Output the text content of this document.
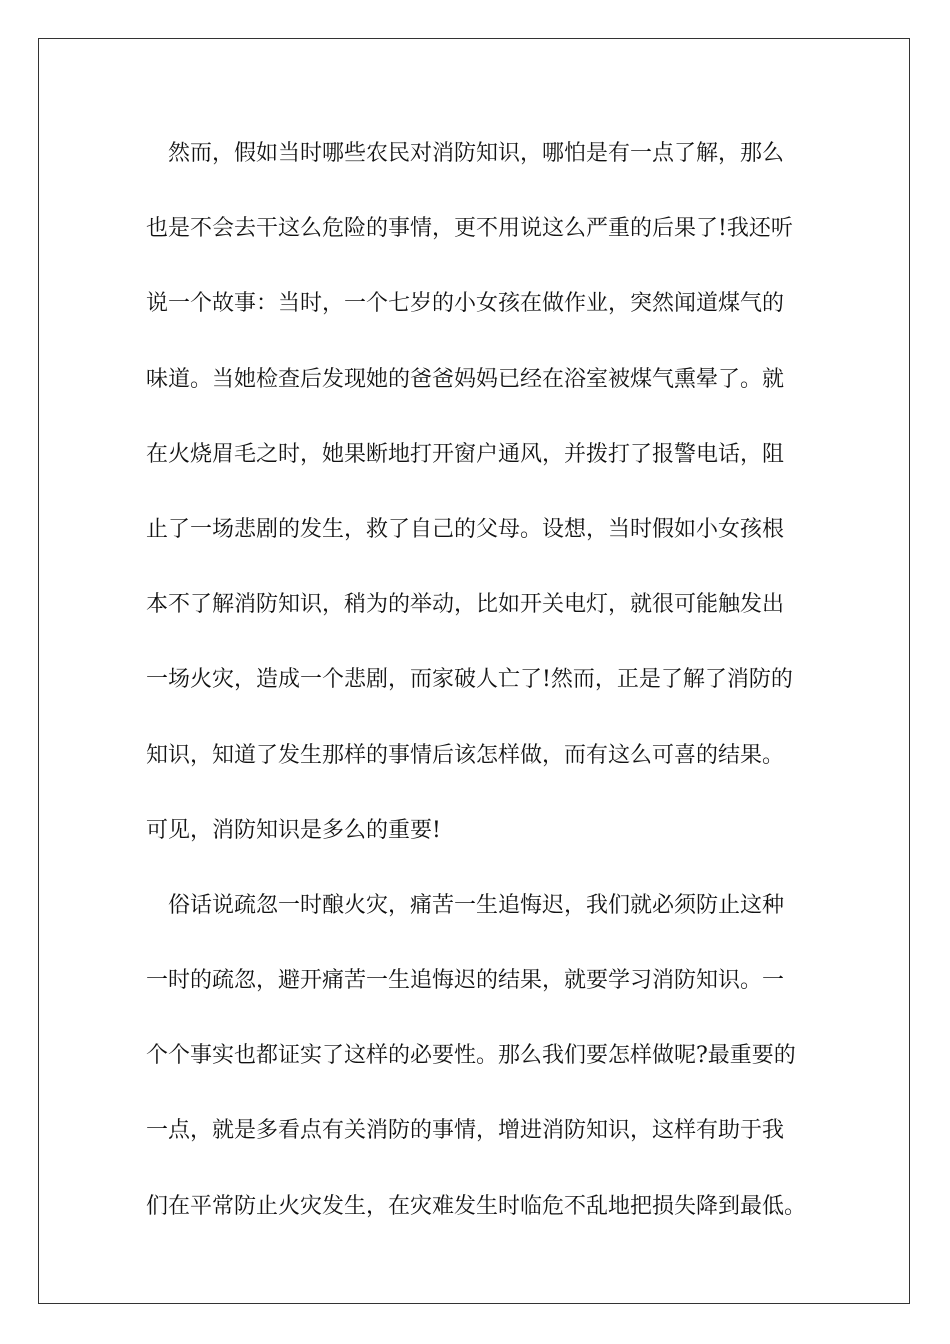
然而，假如当时哪些农民对消防知识，哪怕是有一点了解，那么
也是不会去干这么危险的事情，更不用说这么严重的后果了!我还听
说一个故事：当时，一个七岁的小女孩在做作业，突然闻道煤气的
味道。当她检查后发现她的爸爸妈妈已经在浴室被煤气熏晕了。就
在火烧眉毛之时，她果断地打开窗户通风，并拨打了报警电话，阻
止了一场悲剧的发生，救了自己的父母。设想，当时假如小女孩根
本不了解消防知识，稍为的举动，比如开关电灯，就很可能触发出
一场火灾，造成一个悲剧，而家破人亡了!然而，正是了解了消防的
知识，知道了发生那样的事情后该怎样做，而有这么可喜的结果。
可见，消防知识是多么的重要!
俗话说疏忽一时酿火灾，痛苦一生追悔迟，我们就必须防止这种
一时的疏忽，避开痛苦一生追悔迟的结果，就要学习消防知识。一
个个事实也都证实了这样的必要性。那么我们要怎样做呢?最重要的
一点，就是多看点有关消防的事情，增进消防知识，这样有助于我
们在平常防止火灾发生，在灾难发生时临危不乱地把损失降到最低。
